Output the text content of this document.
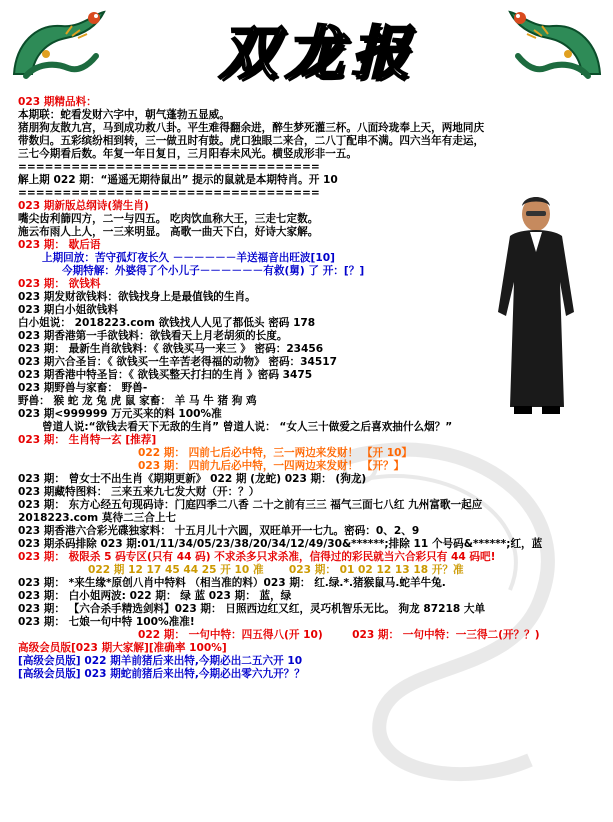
双龙报
023 期精品料：
本期联：蛇看发财六字中，朝气蓬勃五显威。
猪朋狗友散九宫，马到成功救八卦。平生难得翻余进，醉生梦死灌三杯。八面玲珑奉上天，两地同庆
带数归。五彩缤纷相到转，三一做丑时有鼓。虎口独眼二来合，二八丁配串不满。四六当年有走运，
三七今期看后数。年复一年日复日，三月阳春未风光。横竖成形非一五。
==================================
解上期 022 期：“遥遥无期待鼠出” 提示的鼠就是本期特肖。开 10
==================================
023 期新版总纲诗(猜生肖)
嘴尖齿利篩四方，二一与四五。 吃肉饮血称大王，三走七定数。
施云布雨人上人，一三来明显。 高歌一曲天下白，好诗大家解。
023 期： 歇后语
上期回放：苦守孤灯夜长久 －－－－－－羊送福音出旺波[10]
今期特解：外婆得了个小儿子－－－－－－有救(舅) 了 开：[？]
023 期： 欲钱料
023 期发财欲钱料：欲钱找身上是最值钱的生肖。
023 期白小姐欲钱料
白小姐说： 2018223.com 欲钱找人人见了都低头 密码 178
023 期香港第一手欲钱料：欲钱看天上月老胡须的长度。
023 期： 最新生肖欲钱料：《 欲钱买马一来三 》 密码：23456
023 期六合圣旨：《 欲钱买一生辛苦老得福的动物》 密码：34517
023 期香港中特圣旨：《 欲钱买整天打扫的生肖 》密码 3475
023 期野兽与家畜： 野兽-
野兽： 猴 蛇 龙 兔 虎 鼠 家畜： 羊 马 牛 猪 狗 鸡
023 期<999999 万元买来的料 100%准
曾道人说:“欲钱去看天下无敌的生肖” 曾道人说： “女人三十做爱之后喜欢抽什么烟？”
023 期： 生肖特一玄 [推荐]
022 期： 四前七后必中特，三一两边来发财！ 【开 10】
023 期： 四前九后必中特，一四两边来发财！ 【开？】
023 期： 曾女士不出生肖《期期更新》 022 期 (龙蛇) 023 期： (狗龙)
023 期藏特图料： 三来五来九七发大财（开：？）
023 期： 东方心经五句现码诗：门庭四季二八香 二十之前有三三 福气三面七八红 九州富歌一起应
2018223.com 莫待二三合上七
023 期香港六合彩光碟独家料： 十五月儿十六圆，双旺单开一七九。密码：0、2、9
023 期杀码排除 023 期:01/11/34/05/23/38/20/34/12/49/30&******;排除 11 个号码&******;红，蓝
023 期： 极限杀 5 码专区(只有 44 码) 不求杀多只求杀准，信得过的彩民就当六合彩只有 44 码吧!
022 期 12 17 45 44 25 开 10 准 023 期： 01 02 12 13 18 开？准
023 期： *来生缘*原创八肖中特料 （相当准的料）023 期： 红.绿.*.猪猴鼠马.蛇羊牛兔.
023 期： 白小姐两波: 022 期： 绿 蓝 023 期： 蓝，绿
023 期： 【六合杀手精选剑料】023 期： 日照西边红又红，灵巧机智乐无比。 狗龙 87218 大单
023 期： 七娘一句中特 100%准准!
022 期： 一句中特：四五得八(开 10)	023 期： 一句中特：一三得二(开？？)
高级会员版[023 期大家解][准确率 100%]
[高级会员版] 022 期羊前猪后来出特,今期必出二五六开 10
[高级会员版] 023 期蛇前猪后来出特,今期必出零六九开？？
